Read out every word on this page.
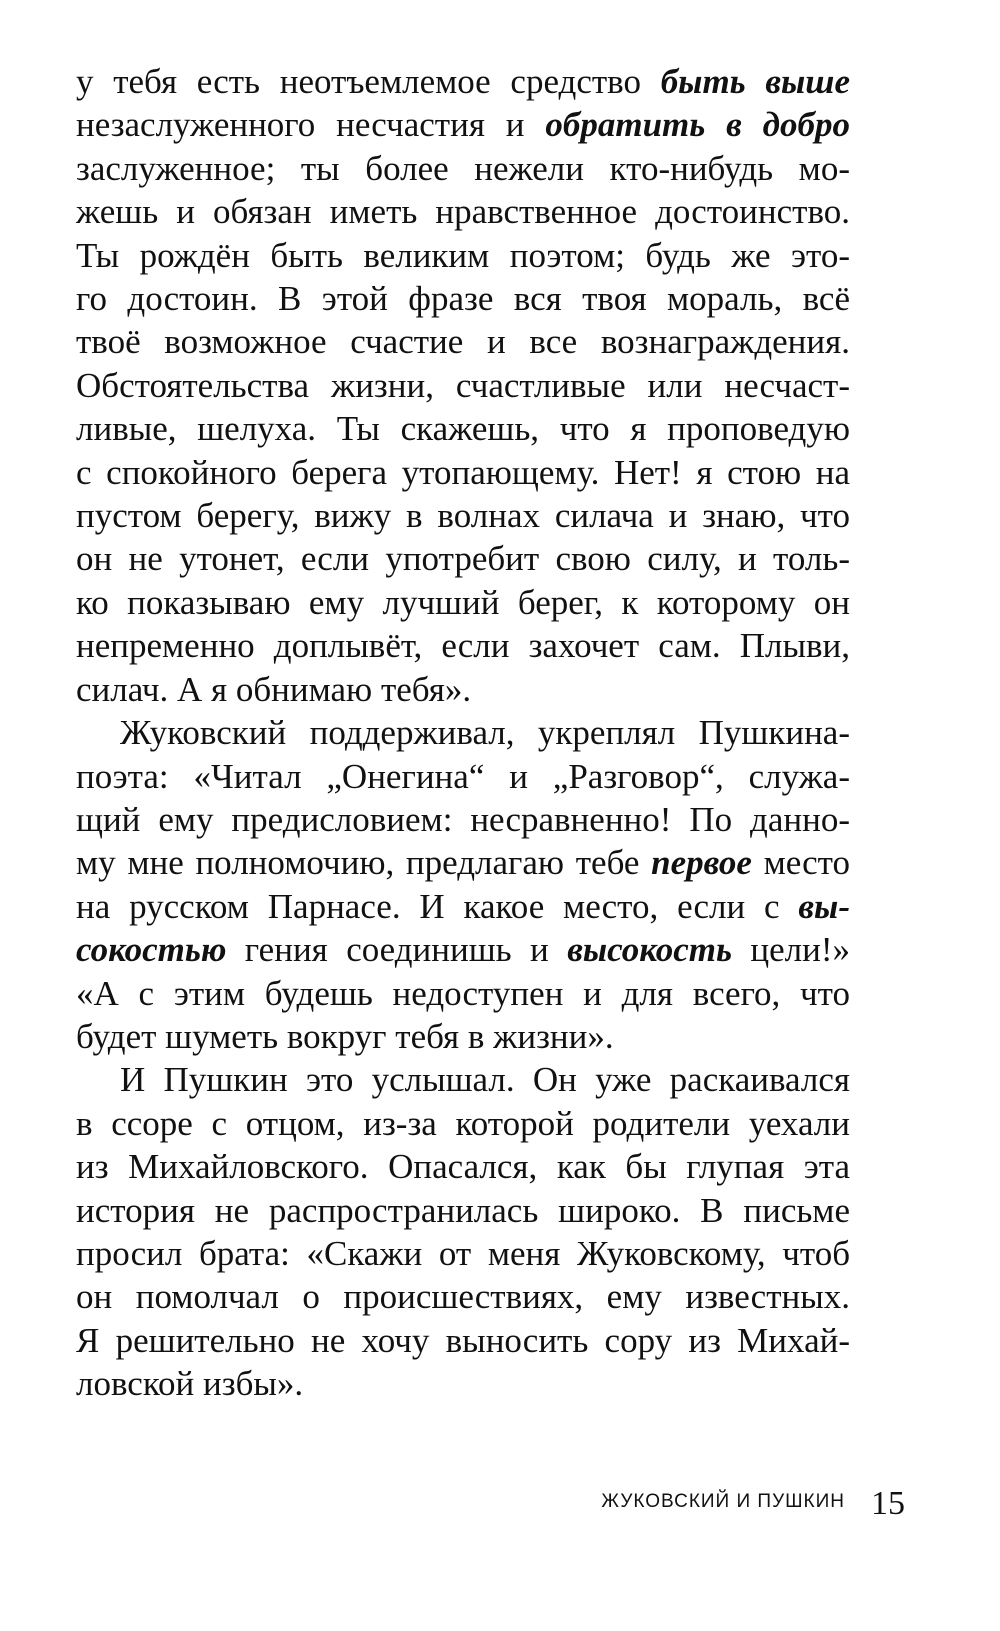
у тебя есть неотъемлемое средство быть выше
незаслуженного несчастия и обратить в добро
заслуженное; ты более нежели кто-нибудь мо-
жешь и обязан иметь нравственное достоинство.
Ты рождён быть великим поэтом; будь же это-
го достоин. В этой фразе вся твоя мораль, всё
твоё возможное счастие и все вознаграждения.
Обстоятельства жизни, счастливые или несчаст-
ливые, шелуха. Ты скажешь, что я проповедую
с спокойного берега утопающему. Нет! я стою на
пустом берегу, вижу в волнах силача и знаю, что
он не утонет, если употребит свою силу, и толь-
ко показываю ему лучший берег, к которому он
непременно доплывёт, если захочет сам. Плыви,
силач. А я обнимаю тебя».
Жуковский поддерживал, укреплял Пушкина-
поэта: «Читал „Онегина“ и „Разговор“, служа-
щий ему предисловием: несравненно! По данно-
му мне полномочию, предлагаю тебе первое место
на русском Парнасе. И какое место, если с вы-
сокостью гения соединишь и высокость цели!»
«А с этим будешь недоступен и для всего, что
будет шуметь вокруг тебя в жизни».
И Пушкин это услышал. Он уже раскаивался
в ссоре с отцом, из-за которой родители уехали
из Михайловского. Опасался, как бы глупая эта
история не распространилась широко. В письме
просил брата: «Скажи от меня Жуковскому, чтоб
он помолчал о происшествиях, ему известных.
Я решительно не хочу выносить сору из Михай-
ловской избы».
ЖУКОВСКИЙ И ПУШКИН 15
